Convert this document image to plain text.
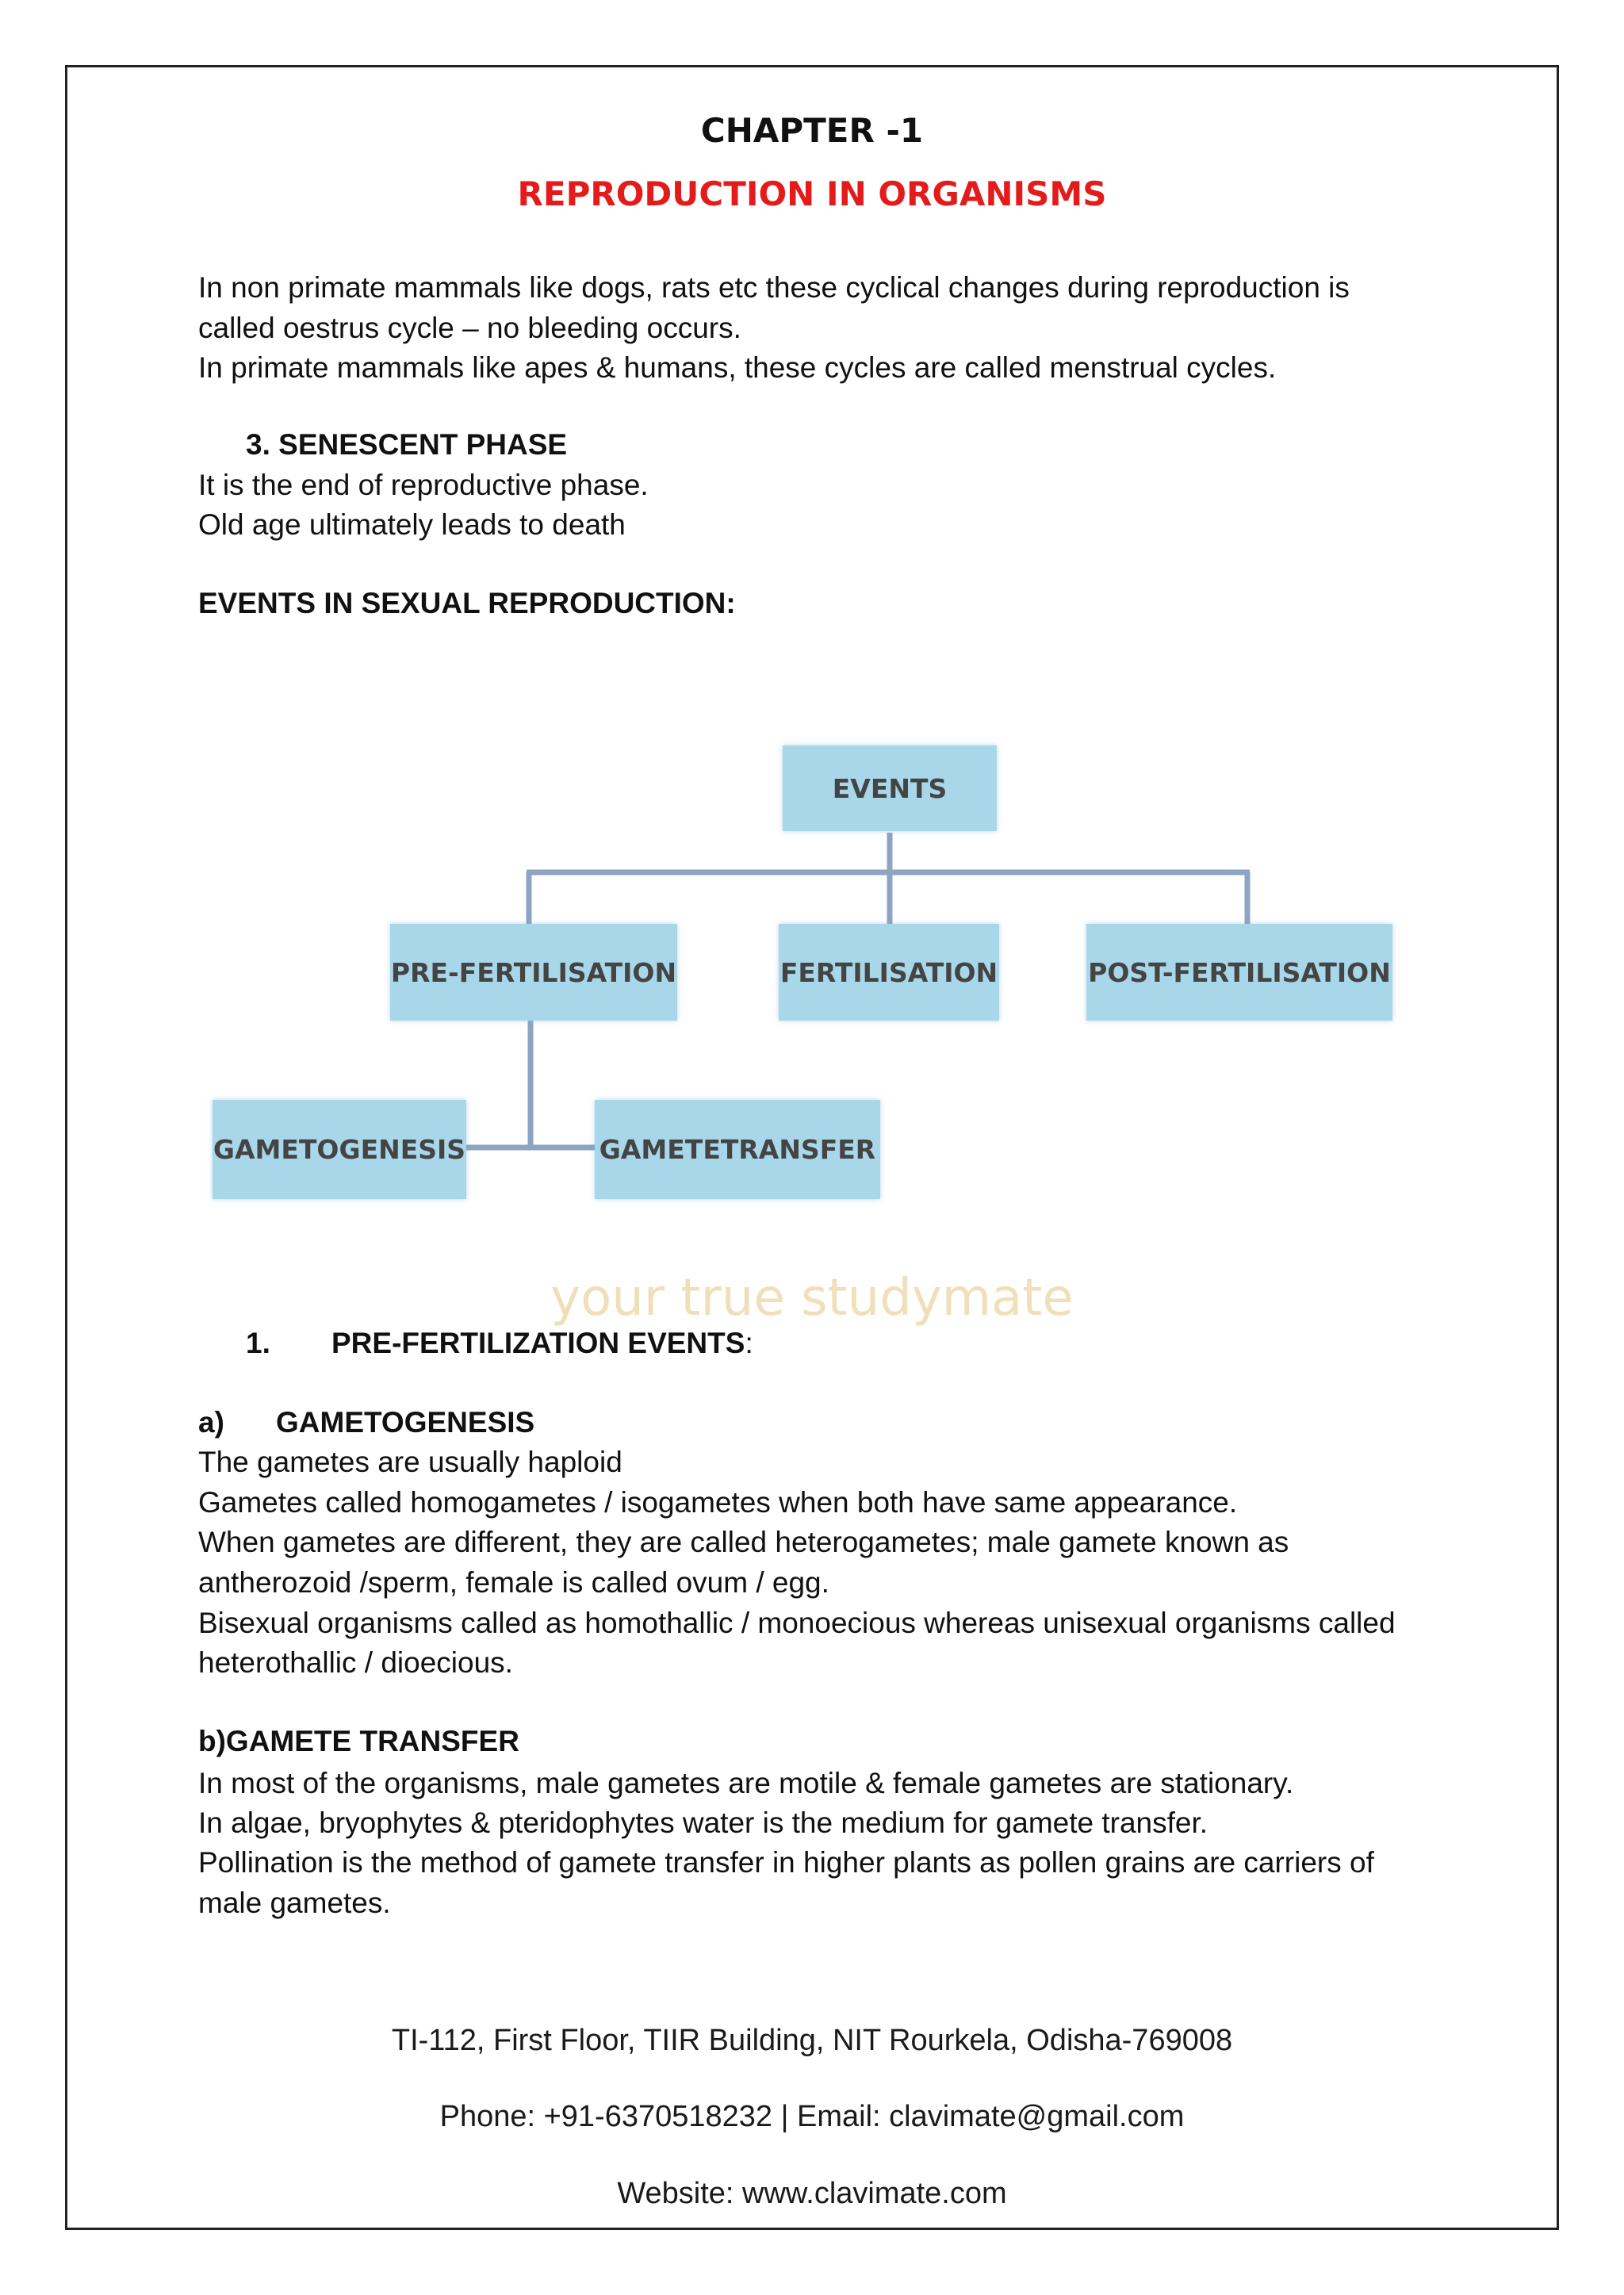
CHAPTER -1
REPRODUCTION IN ORGANISMS
In non primate mammals like dogs, rats etc these cyclical changes during reproduction is
called oestrus cycle – no bleeding occurs.
In primate mammals like apes & humans, these cycles are called menstrual cycles.
3. SENESCENT PHASE
It is the end of reproductive phase.
Old age ultimately leads to death
EVENTS IN SEXUAL REPRODUCTION:
EVENTS
PRE-FERTILISATION	FERTILISATION	POST-FERTILISATION
GAMETOGENESIS	GAMETETRANSFER
your true studymate
1. PRE-FERTILIZATION EVENTS:
a) GAMETOGENESIS
The gametes are usually haploid
Gametes called homogametes / isogametes when both have same appearance.
When gametes are different, they are called heterogametes; male gamete known as
antherozoid /sperm, female is called ovum / egg.
Bisexual organisms called as homothallic / monoecious whereas unisexual organisms called
heterothallic / dioecious.
b)GAMETE TRANSFER
In most of the organisms, male gametes are motile & female gametes are stationary.
In algae, bryophytes & pteridophytes water is the medium for gamete transfer.
Pollination is the method of gamete transfer in higher plants as pollen grains are carriers of
male gametes.
TI-112, First Floor, TIIR Building, NIT Rourkela, Odisha-769008
Phone: +91-6370518232 | Email: clavimate@gmail.com
Website: www.clavimate.com
